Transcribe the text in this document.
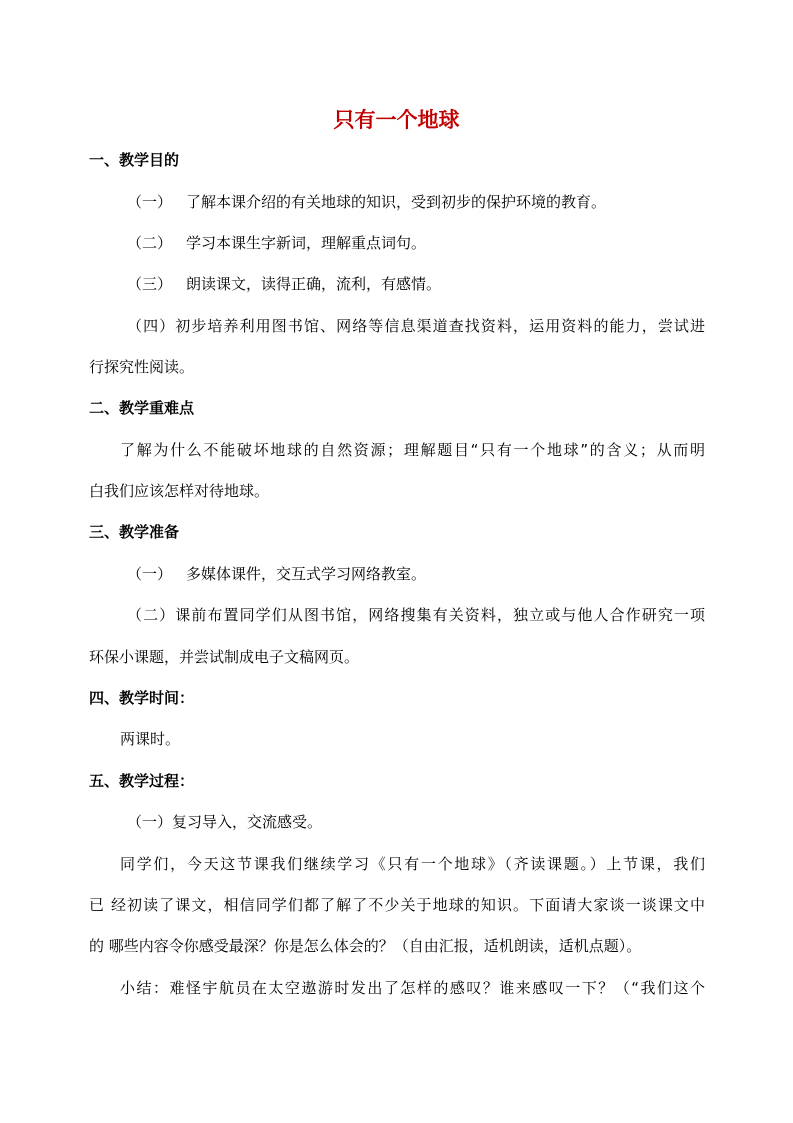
只有一个地球
一、教学目的
（一） 了解本课介绍的有关地球的知识，受到初步的保护环境的教育。
（二） 学习本课生字新词，理解重点词句。
（三） 朗读课文，读得正确，流利，有感情。
（四）初步培养利用图书馆、网络等信息渠道查找资料，运用资料的能力，尝试进
行探究性阅读。
二、教学重难点
了解为什么不能破坏地球的自然资源；理解题目“只有一个地球”的含义；从而明
白我们应该怎样对待地球。
三、教学准备
（一） 多媒体课件，交互式学习网络教室。
（二）课前布置同学们从图书馆，网络搜集有关资料，独立或与他人合作研究一项
环保小课题，并尝试制成电子文稿网页。
四、教学时间：
两课时。
五、教学过程：
（一）复习导入，交流感受。
同学们，今天这节课我们继续学习《只有一个地球》（齐读课题。）上节课，我们
已 经初读了课文，相信同学们都了解了不少关于地球的知识。下面请大家谈一谈课文中
的 哪些内容令你感受最深？你是怎么体会的？（自由汇报，适机朗读，适机点题）。
小结：难怪宇航员在太空遨游时发出了怎样的感叹？谁来感叹一下？（“我们这个
